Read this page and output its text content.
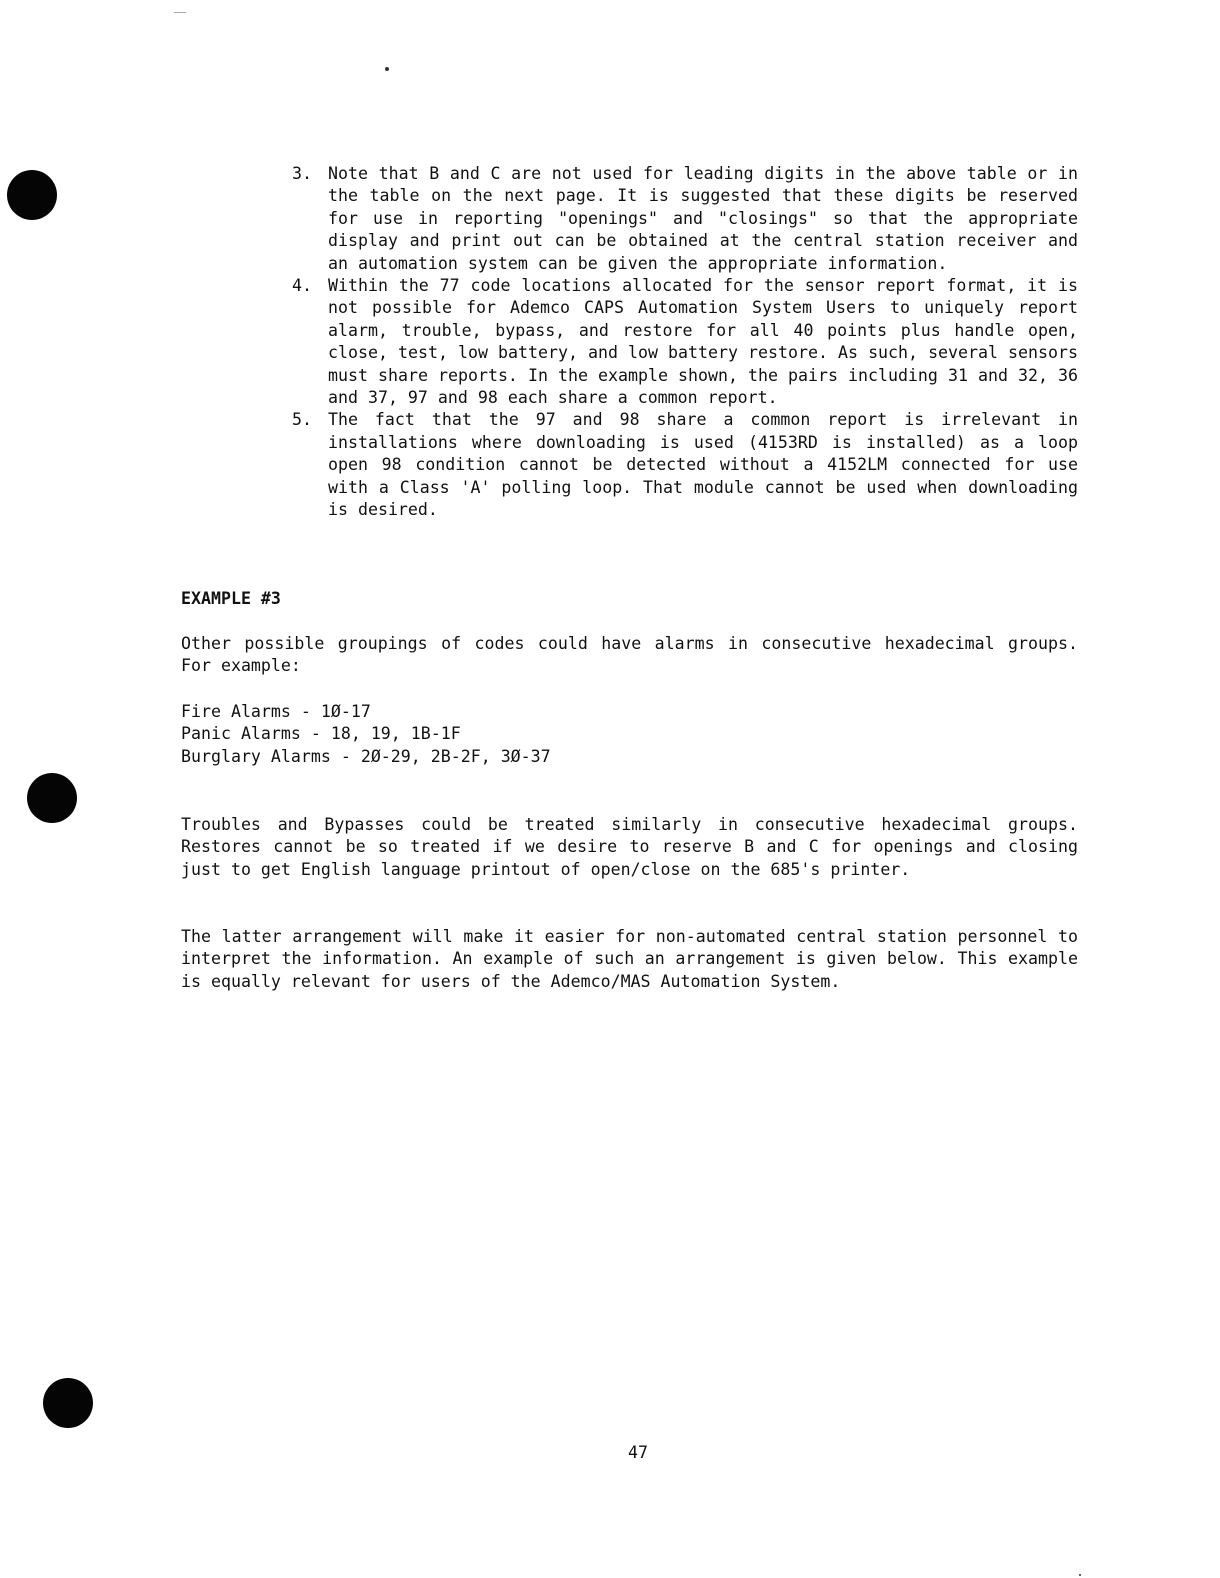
3. Note that B and C are not used for leading digits in the above table or in the table on the next page. It is suggested that these digits be reserved for use in reporting "openings" and "closings" so that the appropriate display and print out can be obtained at the central station receiver and an automation system can be given the appropriate information.
4. Within the 77 code locations allocated for the sensor report format, it is not possible for Ademco CAPS Automation System Users to uniquely report alarm, trouble, bypass, and restore for all 40 points plus handle open, close, test, low battery, and low battery restore. As such, several sensors must share reports. In the example shown, the pairs including 31 and 32, 36 and 37, 97 and 98 each share a common report.
5. The fact that the 97 and 98 share a common report is irrelevant in installations where downloading is used (4153RD is installed) as a loop open 98 condition cannot be detected without a 4152LM connected for use with a Class 'A' polling loop. That module cannot be used when downloading is desired.
EXAMPLE #3

Other possible groupings of codes could have alarms in consecutive hexadecimal groups. For example:

Fire Alarms - 1Ø-17
Panic Alarms - 18, 19, 1B-1F
Burglary Alarms - 2Ø-29, 2B-2F, 3Ø-37

Troubles and Bypasses could be treated similarly in consecutive hexadecimal groups. Restores cannot be so treated if we desire to reserve B and C for openings and closing just to get English language printout of open/close on the 685's printer.

The latter arrangement will make it easier for non-automated central station personnel to interpret the information. An example of such an arrangement is given below. This example is equally relevant for users of the Ademco/MAS Automation System.

47
